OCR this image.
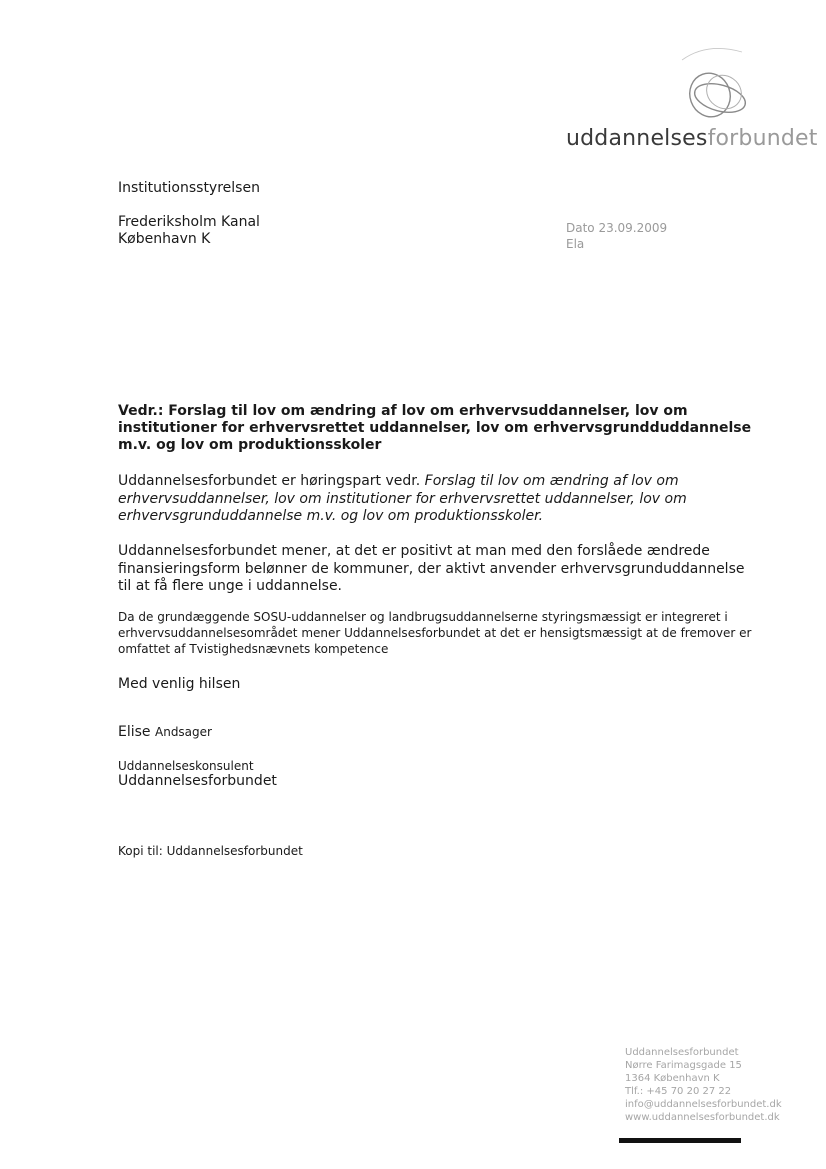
uddannelsesforbundet
Institutionsstyrelsen
Frederiksholm Kanal
København K
Dato 23.09.2009
Ela
Vedr.: Forslag til lov om ændring af lov om erhvervsuddannelser, lov om institutioner for erhvervsrettet uddannelser, lov om erhvervsgrundduddannelse m.v. og lov om produktionsskoler
Uddannelsesforbundet er høringspart vedr. Forslag til lov om ændring af lov om erhvervsuddannelser, lov om institutioner for erhvervsrettet uddannelser, lov om erhvervsgrunduddannelse m.v. og lov om produktionsskoler.
Uddannelsesforbundet mener, at det er positivt at man med den forslåede ændrede finansieringsform belønner de kommuner, der aktivt anvender erhvervsgrunduddannelse til at få flere unge i uddannelse.
Da de grundæggende SOSU-uddannelser og landbrugsuddannelserne styringsmæssigt er integreret i erhvervsuddannelsesområdet mener Uddannelsesforbundet at det er hensigtsmæssigt at de fremover er omfattet af Tvistighedsnævnets kompetence
Med venlig hilsen
Elise Andsager
Uddannelseskonsulent
Uddannelsesforbundet
Kopi til: Uddannelsesforbundet
Uddannelsesforbundet
Nørre Farimagsgade 15
1364 København K
Tlf.: +45 70 20 27 22
info@uddannelsesforbundet.dk
www.uddannelsesforbundet.dk
